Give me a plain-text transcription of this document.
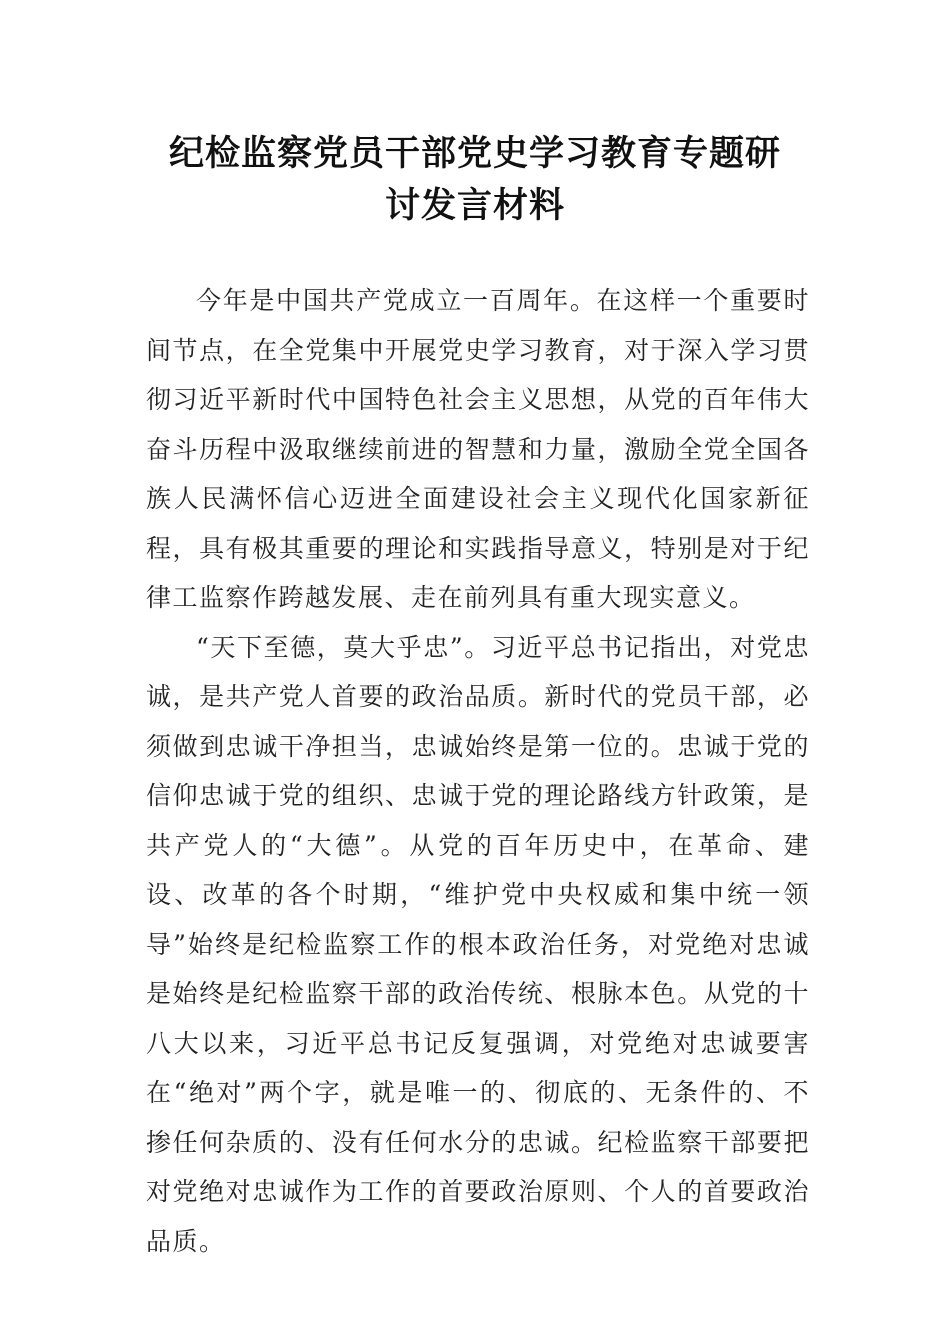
纪检监察党员干部党史学习教育专题研
讨发言材料

今年是中国共产党成立一百周年。在这样一个重要时间节点，在全党集中开展党史学习教育，对于深入学习贯彻习近平新时代中国特色社会主义思想，从党的百年伟大奋斗历程中汲取继续前进的智慧和力量，激励全党全国各族人民满怀信心迈进全面建设社会主义现代化国家新征程，具有极其重要的理论和实践指导意义，特别是对于纪律工监察作跨越发展、走在前列具有重大现实意义。

“天下至德，莫大乎忠”。习近平总书记指出，对党忠诚，是共产党人首要的政治品质。新时代的党员干部，必须做到忠诚干净担当，忠诚始终是第一位的。忠诚于党的信仰忠诚于党的组织、忠诚于党的理论路线方针政策，是共产党人的“大德”。从党的百年历史中，在革命、建设、改革的各个时期，“维护党中央权威和集中统一领导”始终是纪检监察工作的根本政治任务，对党绝对忠诚是始终是纪检监察干部的政治传统、根脉本色。从党的十八大以来，习近平总书记反复强调，对党绝对忠诚要害在“绝对”两个字，就是唯一的、彻底的、无条件的、不掺任何杂质的、没有任何水分的忠诚。纪检监察干部要把对党绝对忠诚作为工作的首要政治原则、个人的首要政治品质。
